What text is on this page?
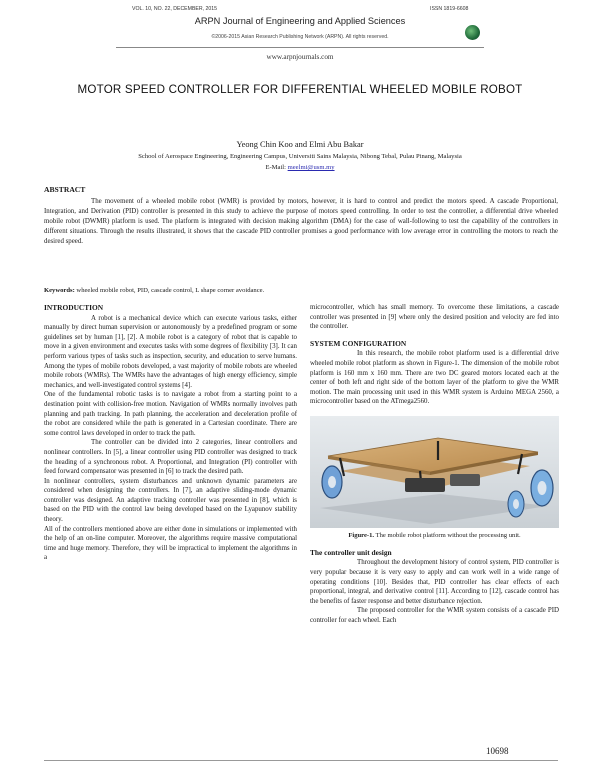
VOL. 10, NO. 22, DECEMBER, 2015	ISSN 1819-6608
ARPN Journal of Engineering and Applied Sciences
©2006-2015 Asian Research Publishing Network (ARPN). All rights reserved.
www.arpnjournals.com
MOTOR SPEED CONTROLLER FOR DIFFERENTIAL WHEELED MOBILE ROBOT
Yeong Chin Koo and Elmi Abu Bakar
School of Aerospace Engineering, Engineering Campus, Universiti Sains Malaysia, Nibong Tebal, Pulau Pinang, Malaysia
E-Mail: meelmi@usm.my
ABSTRACT
The movement of a wheeled mobile robot (WMR) is provided by motors, however, it is hard to control and predict the motors speed. A cascade Proportional, Integration, and Derivation (PID) controller is presented in this study to achieve the purpose of motors speed controlling. In order to test the controller, a differential drive wheeled mobile robot (DWMR) platform is used. The platform is integrated with decision making algorithm (DMA) for the case of wall-following to test the capability of the controllers in different situations. Through the results illustrated, it shows that the cascade PID controller promises a good performance with low average error in controlling the motors to reach the desired speed.
Keywords: wheeled mobile robot, PID, cascade control, L shape corner avoidance.
INTRODUCTION

A robot is a mechanical device which can execute various tasks, either manually by direct human supervision or autonomously by a predefined program or some guidelines set by human [1], [2]. A mobile robot is a category of robot that is capable to move in a given environment and executes tasks with some degrees of flexibility [3]. It can perform various types of tasks such as inspection, security, and education to serve humans. Among the types of mobile robots developed, a vast majority of mobile robots are wheeled mobile robots (WMRs). The WMRs have the advantages of high energy efficiency, simple mechanics, and well-investigated control systems [4].

One of the fundamental robotic tasks is to navigate a robot from a starting point to a destination point with collision-free motion. Navigation of WMRs normally involves path planning and path tracking. In path planning, the acceleration and deceleration profile of the robot are considered while the path is generated in a Cartesian coordinate. There are some control laws developed in order to track the path.

The controller can be divided into 2 categories, linear controllers and nonlinear controllers. In [5], a linear controller using PID controller was designed to track the heading of a synchronous robot. A Proportional, and Integration (PI) controller with feed forward compensator was presented in [6] to track the desired path.

In nonlinear controllers, system disturbances and unknown dynamic parameters are considered when designing the controllers. In [7], an adaptive sliding-mode dynamic controller was designed. An adaptive tracking controller was presented in [8], which is based on the PID with the control law being developed based on the Lyapunov stability theory.

All of the controllers mentioned above are either done in simulations or implemented with the help of an on-line computer. Moreover, the algorithms require massive computational time and huge memory. Therefore, they will be impractical to implement the algorithms in a

microcontroller, which has small memory. To overcome these limitations, a cascade controller was presented in [9] where only the desired position and velocity are fed into the controller.

SYSTEM CONFIGURATION

In this research, the mobile robot platform used is a differential drive wheeled mobile robot platform as shown in Figure-1. The dimension of the mobile robot platform is 160 mm x 160 mm. There are two DC geared motors located each at the center of both left and right side of the bottom layer of the platform to give the WMR motion. The main processing unit used in this WMR system is Arduino MEGA 2560, a microcontroller based on the ATmega2560.

Figure-1. The mobile robot platform without the processing unit.
The controller unit design

Throughout the development history of control system, PID controller is very popular because it is very easy to apply and can work well in a wide range of operating conditions [10]. Besides that, PID controller has clear effects of each proportional, integral, and derivative control [11]. According to [12], cascade control has the benefits of faster response and better disturbance rejection.

The proposed controller for the WMR system consists of a cascade PID controller for each wheel. Each

10698
